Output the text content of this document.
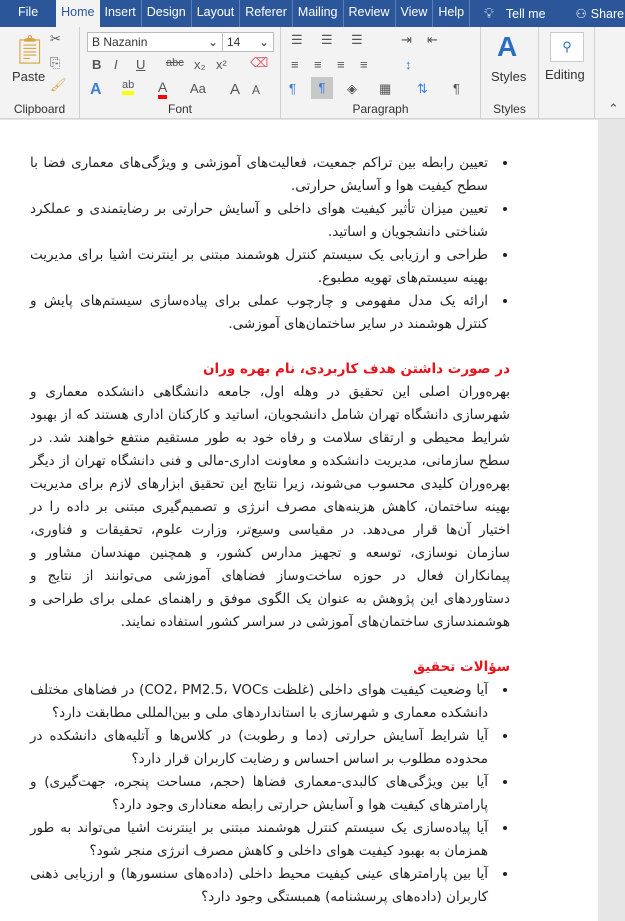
File	Home Insert Design Layout Referer Mailing Review View Help	💡︎ Tell me ⚇ Share
📋︎
Paste
✂
⎘
🖌︎
Clipboard
B Nazanin	⌄ 14 ⌄
B I U abc x₂ x² ⌫
A ab A Aa A A
Font
☰ ☰ ☰	⇥ ⇤
≡ ≡ ≡ ≡	↕
¶	¶	◈ ▦ ⇅ ¶
Paragraph
A
Styles
Styles
⚲
Editing
⌃
• تعیین رابطه بین تراکم جمعیت، فعالیت‌های آموزشی و ویژگی‌های معماری فضا با سطح کیفیت هوا و آسایش حرارتی.
• تعیین میزان تأثیر کیفیت هوای داخلی و آسایش حرارتی بر رضایتمندی و عملکرد شناختی دانشجویان و اساتید.
• طراحی و ارزیابی یک سیستم کنترل هوشمند مبتنی بر اینترنت اشیا برای مدیریت بهینه سیستم‌های تهویه مطبوع.
• ارائه یک مدل مفهومی و چارچوب عملی برای پیاده‌سازی سیستم‌های پایش و کنترل هوشمند در سایر ساختمان‌های آموزشی.
در صورت داشتن هدف کاربردی، نام بهره وران

بهره‌وران اصلی این تحقیق در وهله اول، جامعه دانشگاهی دانشکده معماری و شهرسازی دانشگاه تهران شامل دانشجویان، اساتید و کارکنان اداری هستند که از بهبود شرایط محیطی و ارتقای سلامت و رفاه خود به طور مستقیم منتفع خواهند شد. در سطح سازمانی، مدیریت دانشکده و معاونت اداری-مالی و فنی دانشگاه تهران از دیگر بهره‌وران کلیدی محسوب می‌شوند، زیرا نتایج این تحقیق ابزارهای لازم برای مدیریت بهینه ساختمان، کاهش هزینه‌های مصرف انرژی و تصمیم‌گیری مبتنی بر داده را در اختیار آن‌ها قرار می‌دهد. در مقیاسی وسیع‌تر، وزارت علوم، تحقیقات و فناوری، سازمان نوسازی، توسعه و تجهیز مدارس کشور، و همچنین مهندسان مشاور و پیمانکاران فعال در حوزه ساخت‌وساز فضاهای آموزشی می‌توانند از نتایج و دستاوردهای این پژوهش به عنوان یک الگوی موفق و راهنمای عملی برای طراحی و هوشمندسازی ساختمان‌های آموزشی در سراسر کشور استفاده نمایند.

سؤالات تحقیق
• آیا وضعیت کیفیت هوای داخلی (غلظت CO2، PM2.5، VOCs) در فضاهای مختلف دانشکده معماری و شهرسازی با استانداردهای ملی و بین‌المللی مطابقت دارد؟
• آیا شرایط آسایش حرارتی (دما و رطوبت) در کلاس‌ها و آتلیه‌های دانشکده در محدوده مطلوب بر اساس احساس و رضایت کاربران قرار دارد؟
• آیا بین ویژگی‌های کالبدی-معماری فضاها (حجم، مساحت پنجره، جهت‌گیری) و پارامترهای کیفیت هوا و آسایش حرارتی رابطه معناداری وجود دارد؟
• آیا پیاده‌سازی یک سیستم کنترل هوشمند مبتنی بر اینترنت اشیا می‌تواند به طور همزمان به بهبود کیفیت هوای داخلی و کاهش مصرف انرژی منجر شود؟
• آیا بین پارامترهای عینی کیفیت محیط داخلی (داده‌های سنسورها) و ارزیابی ذهنی کاربران (داده‌های پرسشنامه) همبستگی وجود دارد؟
